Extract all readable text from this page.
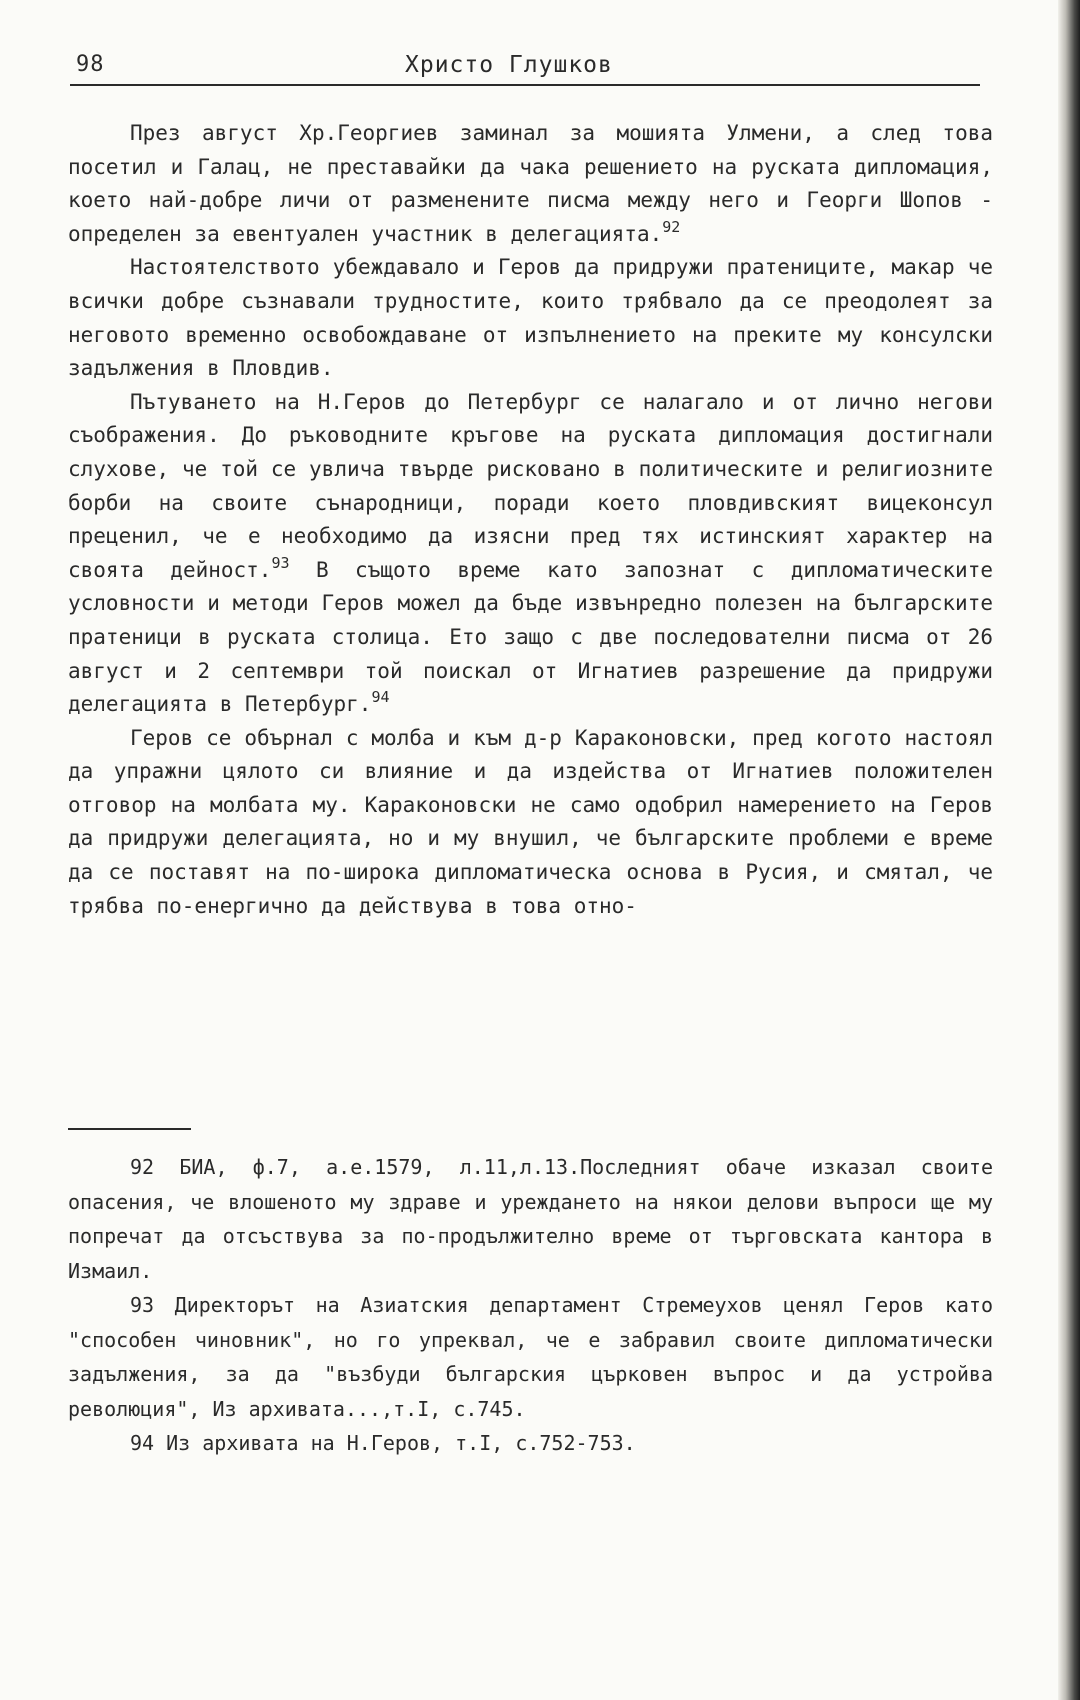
98	Христо Глушков

През август Хр.Георгиев заминал за мошията Улмени, а след това посетил и Галац, не преставайки да чака решението на руската дипломация, което най-добре личи от разменените писма между него и Георги Шопов - определен за евентуален участник в делегацията.$^{92}$

Настоятелството убеждавало и Геров да придружи пратениците, макар че всички добре съзнавали трудностите, които трябвало да се преодолеят за неговото временно освобождаване от изпълнението на преките му консулски задължения в Пловдив.

Пътуването на Н.Геров до Петербург се налагало и от лично негови съображения. До ръководните кръгове на руската дипломация достигнали слухове, че той се увлича твърде рисковано в политическите и религиозните борби на своите сънародници, поради което пловдивският вицеконсул преценил, че е необходимо да изясни пред тях истинският характер на своята дейност.$^{93}$ В същото време като запознат с дипломатическите условности и методи Геров можел да бъде извънредно полезен на българските пратеници в руската столица. Ето защо с две последователни писма от 26 август и 2 септември той поискал от Игнатиев разрешение да придружи делегацията в Петербург.$^{94}$

Геров се обърнал с молба и към д-р Караконовски, пред когото настоял да упражни цялото си влияние и да издейства от Игнатиев положителен отговор на молбата му. Караконовски не само одобрил намерението на Геров да придружи делегацията, но и му внушил, че българските проблеми е време да се поставят на по-широка дипломатическа основа в Русия, и смятал, че трябва по-енергично да действува в това отно-

92 БИА, ф.7, а.е.1579, л.11,л.13.Последният обаче изказал своите опасения, че влошеното му здраве и уреждането на някои делови въпроси ще му попречат да отсъствува за по-продължително време от търговската кантора в Измаил.

93 Директорът на Азиатския департамент Стремеухов ценял Геров като "способен чиновник", но го упреквал, че е забравил своите дипломатически задължения, за да "възбуди българския църковен въпрос и да устройва революция", Из архивата...,т.I, с.745.

94 Из архивата на Н.Геров, т.I, с.752-753.
